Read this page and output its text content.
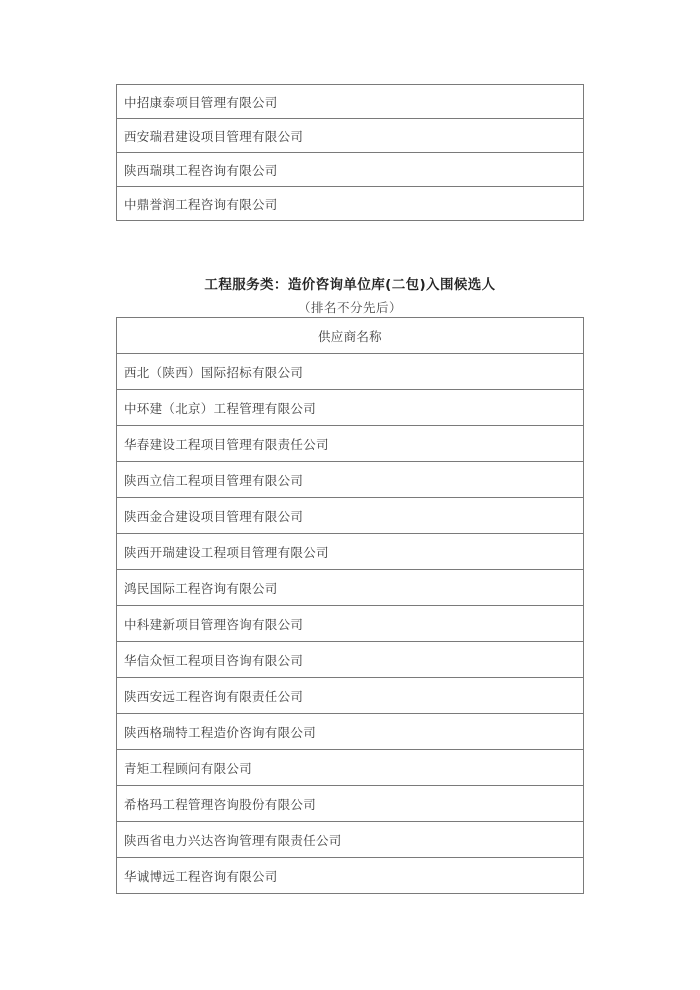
中招康泰项目管理有限公司
西安瑞君建设项目管理有限公司
陕西瑞琪工程咨询有限公司
中鼎誉润工程咨询有限公司
工程服务类：造价咨询单位库(二包)入围候选人
（排名不分先后）
供应商名称
西北（陕西）国际招标有限公司
中环建（北京）工程管理有限公司
华春建设工程项目管理有限责任公司
陕西立信工程项目管理有限公司
陕西金合建设项目管理有限公司
陕西开瑞建设工程项目管理有限公司
鸿民国际工程咨询有限公司
中科建新项目管理咨询有限公司
华信众恒工程项目咨询有限公司
陕西安远工程咨询有限责任公司
陕西格瑞特工程造价咨询有限公司
青矩工程顾问有限公司
希格玛工程管理咨询股份有限公司
陕西省电力兴达咨询管理有限责任公司
华诚博远工程咨询有限公司
